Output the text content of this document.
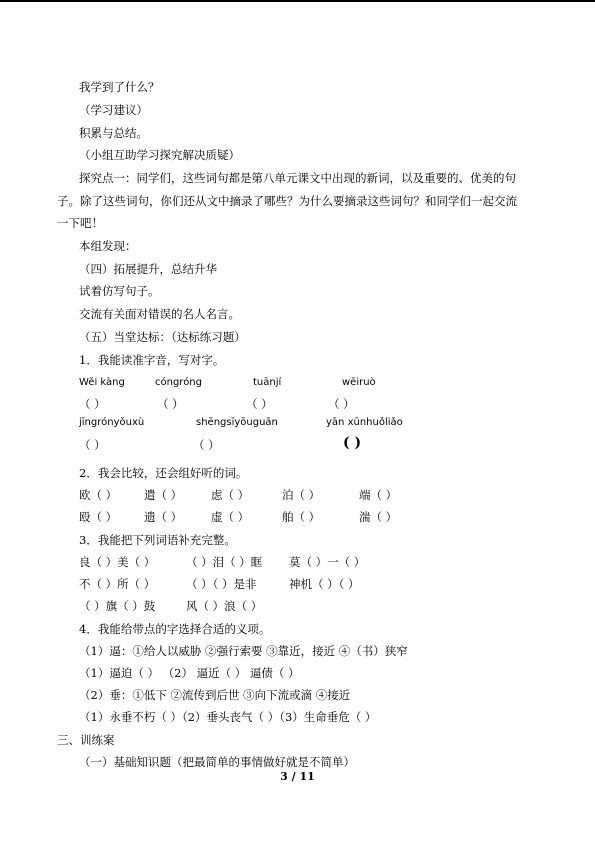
我学到了什么？
（学习建议）
积累与总结。
（小组互助学习探究解决质疑）
探究点一：同学们，这些词句都是第八单元课文中出现的新词，以及重要的、优美的句
子。除了这些词句，你们还从文中摘录了哪些？为什么要摘录这些词句？和同学们一起交流
一下吧！
本组发现：
（四）拓展提升，总结升华
试着仿写句子。
交流有关面对错误的名人名言。
（五）当堂达标：（达标练习题）
1．我能读准字音，写对字。
Wěi kàng	cóngróng	tuānjí	wēiruò
（ ）	（ ）	（ ）	（ ）
jīngrónyǒuxù	shēngsīyōuguān	yān xūnhuǒliǎo
（ ）	（ ）	( )
2．我会比较，还会组好听的词。
欧（ ） 遣（ ）	虑（ ）	泊（ ）	端（ ）
殴（ ） 遗（ ）	虚（ ）	舶（ ）	湍（ ）
3．我能把下列词语补充完整。
良（ ）美（ ）	（ ）泪（ ）眶 莫（ ）一（ ）
不（ ）所（ ）	（ ）（ ）是非	神机（ ）（ ）
（ ）旗（ ）鼓	风（ ）浪（ ）
4．我能给带点的字选择合适的义项。
（1）逼：①给人以威胁 ②强行索要 ③靠近，接近 ④（书）狭窄
（1）逼迫（ ） （2） 逼近（ ） 逼债（ ）
（2）垂：①低下 ②流传到后世 ③向下流或滴 ④接近
（1）永垂不朽（ ）（2）垂头丧气（ ）（3）生命垂危（ ）
三、训练案
（一）基础知识题（把最简单的事情做好就是不简单）
3 / 11
